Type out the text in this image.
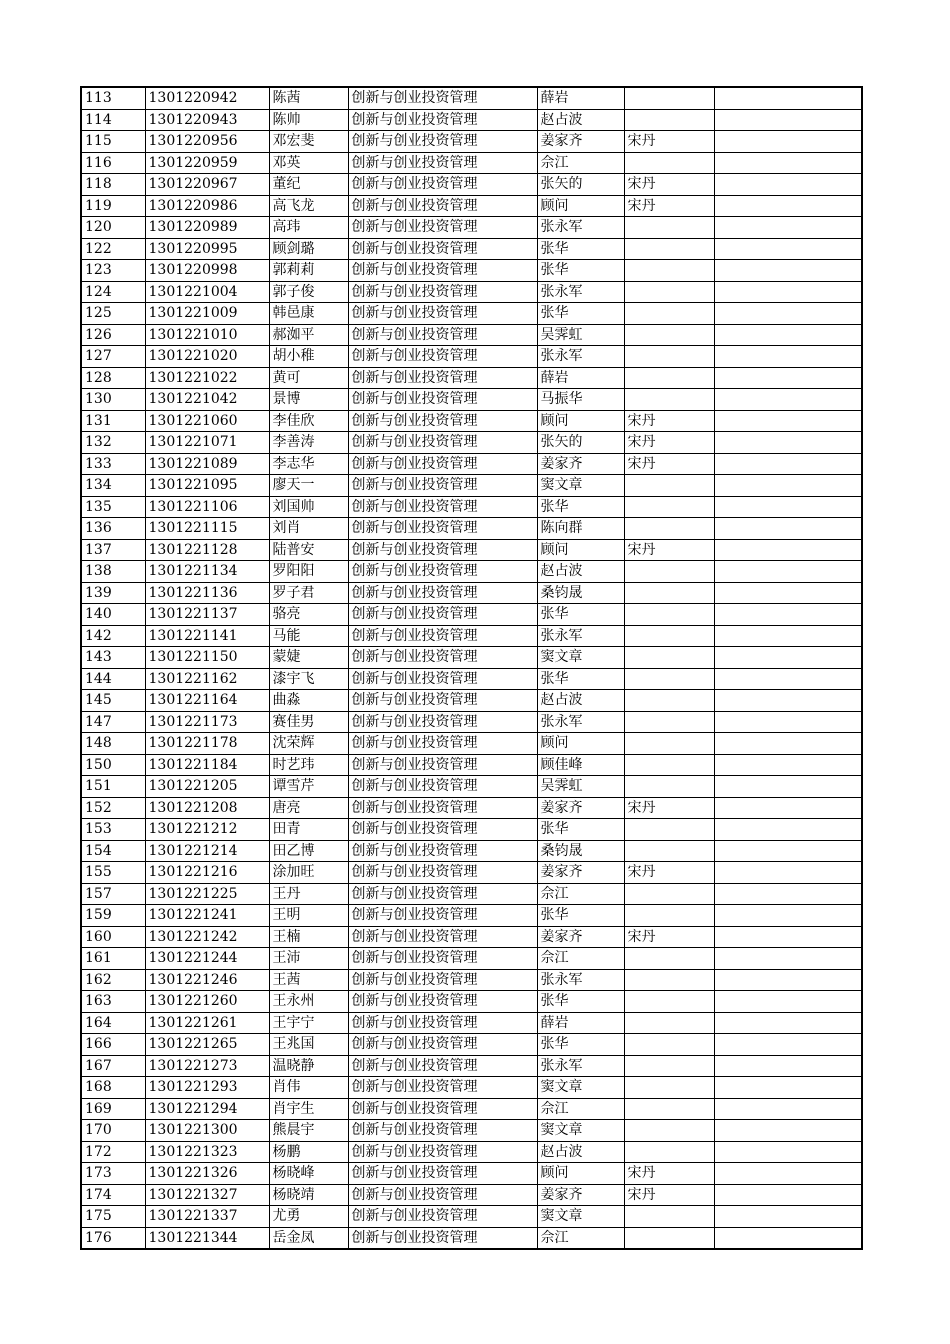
113	1301220942	陈茜	创新与创业投资管理	薛岩		
114	1301220943	陈帅	创新与创业投资管理	赵占波		
115	1301220956	邓宏斐	创新与创业投资管理	姜家齐	宋丹	
116	1301220959	邓英	创新与创业投资管理	佘江		
118	1301220967	董纪	创新与创业投资管理	张矢的	宋丹	
119	1301220986	高飞龙	创新与创业投资管理	顾问	宋丹	
120	1301220989	高玮	创新与创业投资管理	张永军		
122	1301220995	顾剑璐	创新与创业投资管理	张华		
123	1301220998	郭莉莉	创新与创业投资管理	张华		
124	1301221004	郭子俊	创新与创业投资管理	张永军		
125	1301221009	韩邑康	创新与创业投资管理	张华		
126	1301221010	郝洳平	创新与创业投资管理	吴霁虹		
127	1301221020	胡小稚	创新与创业投资管理	张永军		
128	1301221022	黄可	创新与创业投资管理	薛岩		
130	1301221042	景博	创新与创业投资管理	马振华		
131	1301221060	李佳欣	创新与创业投资管理	顾问	宋丹	
132	1301221071	李善涛	创新与创业投资管理	张矢的	宋丹	
133	1301221089	李志华	创新与创业投资管理	姜家齐	宋丹	
134	1301221095	廖天一	创新与创业投资管理	窦文章		
135	1301221106	刘国帅	创新与创业投资管理	张华		
136	1301221115	刘肖	创新与创业投资管理	陈向群		
137	1301221128	陆普安	创新与创业投资管理	顾问	宋丹	
138	1301221134	罗阳阳	创新与创业投资管理	赵占波		
139	1301221136	罗子君	创新与创业投资管理	桑钧晟		
140	1301221137	骆亮	创新与创业投资管理	张华		
142	1301221141	马能	创新与创业投资管理	张永军		
143	1301221150	蒙婕	创新与创业投资管理	窦文章		
144	1301221162	漆宇飞	创新与创业投资管理	张华		
145	1301221164	曲淼	创新与创业投资管理	赵占波		
147	1301221173	赛佳男	创新与创业投资管理	张永军		
148	1301221178	沈荣辉	创新与创业投资管理	顾问		
150	1301221184	时艺玮	创新与创业投资管理	顾佳峰		
151	1301221205	谭雪芹	创新与创业投资管理	吴霁虹		
152	1301221208	唐亮	创新与创业投资管理	姜家齐	宋丹	
153	1301221212	田青	创新与创业投资管理	张华		
154	1301221214	田乙博	创新与创业投资管理	桑钧晟		
155	1301221216	涂加旺	创新与创业投资管理	姜家齐	宋丹	
157	1301221225	王丹	创新与创业投资管理	佘江		
159	1301221241	王明	创新与创业投资管理	张华		
160	1301221242	王楠	创新与创业投资管理	姜家齐	宋丹	
161	1301221244	王沛	创新与创业投资管理	佘江		
162	1301221246	王茜	创新与创业投资管理	张永军		
163	1301221260	王永州	创新与创业投资管理	张华		
164	1301221261	王宇宁	创新与创业投资管理	薛岩		
166	1301221265	王兆国	创新与创业投资管理	张华		
167	1301221273	温晓静	创新与创业投资管理	张永军		
168	1301221293	肖伟	创新与创业投资管理	窦文章		
169	1301221294	肖宇生	创新与创业投资管理	佘江		
170	1301221300	熊晨宇	创新与创业投资管理	窦文章		
172	1301221323	杨鹏	创新与创业投资管理	赵占波		
173	1301221326	杨晓峰	创新与创业投资管理	顾问	宋丹	
174	1301221327	杨晓靖	创新与创业投资管理	姜家齐	宋丹	
175	1301221337	尤勇	创新与创业投资管理	窦文章		
176	1301221344	岳金凤	创新与创业投资管理	佘江		
